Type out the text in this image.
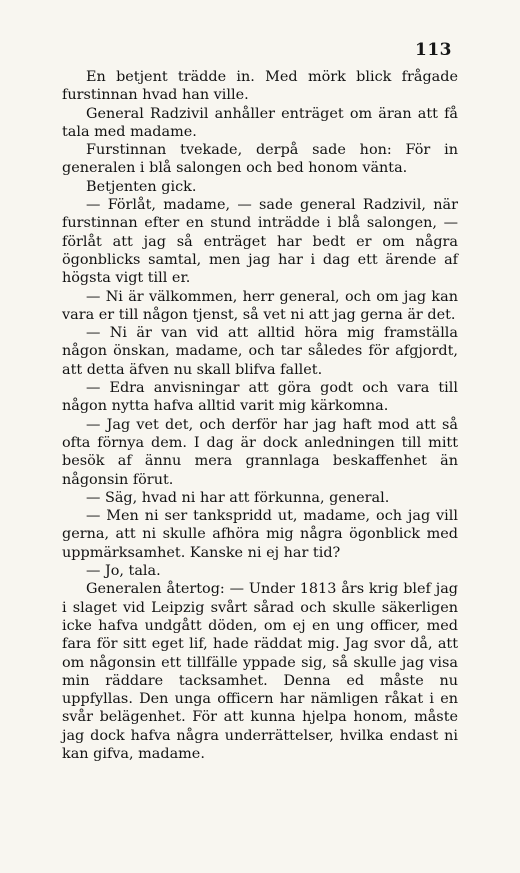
113

En betjent trädde in. Med mörk blick frågade furstinnan hvad han ville.

General Radzivil anhåller enträget om äran att få tala med madame.

Furstinnan tvekade, derpå sade hon: För in generalen i blå salongen och bed honom vänta.

Betjenten gick.

— Förlåt, madame, — sade general Radzivil, när furstinnan efter en stund inträdde i blå salongen, — förlåt att jag så enträget har bedt er om några ögonblicks samtal, men jag har i dag ett ärende af högsta vigt till er.

— Ni är välkommen, herr general, och om jag kan vara er till någon tjenst, så vet ni att jag gerna är det.

— Ni är van vid att alltid höra mig framställa någon önskan, madame, och tar således för afgjordt, att detta äfven nu skall blifva fallet.

— Edra anvisningar att göra godt och vara till någon nytta hafva alltid varit mig kärkomna.

— Jag vet det, och derför har jag haft mod att så ofta förnya dem. I dag är dock anledningen till mitt besök af ännu mera grannlaga beskaffenhet än någonsin förut.

— Säg, hvad ni har att förkunna, general.

— Men ni ser tankspridd ut, madame, och jag vill gerna, att ni skulle afhöra mig några ögonblick med uppmärksamhet. Kanske ni ej har tid?

— Jo, tala.

Generalen återtog: — Under 1813 års krig blef jag i slaget vid Leipzig svårt sårad och skulle säkerligen icke hafva undgått döden, om ej en ung officer, med fara för sitt eget lif, hade räddat mig. Jag svor då, att om någonsin ett tillfälle yppade sig, så skulle jag visa min räddare tacksamhet. Denna ed måste nu uppfyllas. Den unga officern har nämligen råkat i en svår belägenhet. För att kunna hjelpa honom, måste jag dock hafva några underrättelser, hvilka endast ni kan gifva, madame.
